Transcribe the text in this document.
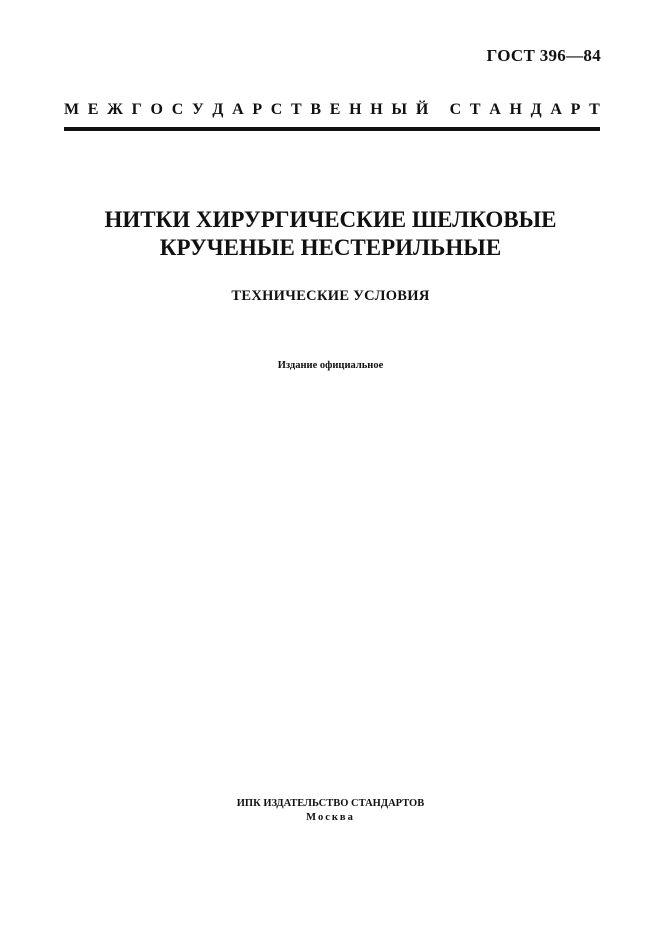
ГОСТ 396—84
М Е Ж Г О С У Д А Р С Т В Е Н Н Ы Й
С Т А Н Д А Р Т
НИТКИ ХИРУРГИЧЕСКИЕ ШЕЛКОВЫЕ
КРУЧЕНЫЕ НЕСТЕРИЛЬНЫЕ
ТЕХНИЧЕСКИЕ УСЛОВИЯ
Издание официальное
ИПК ИЗДАТЕЛЬСТВО СТАНДАРТОВ
Москва
